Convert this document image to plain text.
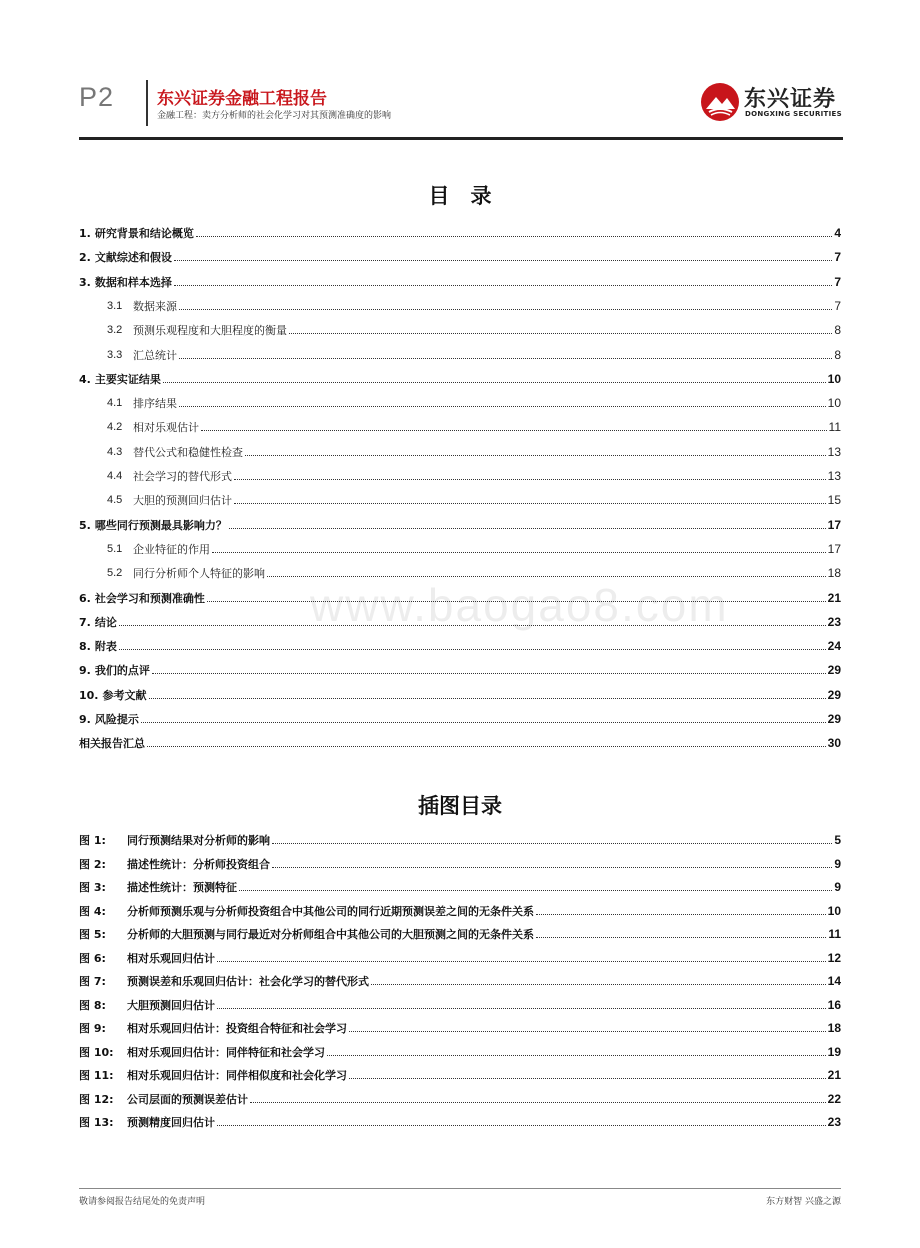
P2	东兴证券金融工程报告
金融工程：卖方分析师的社会化学习对其预测准确度的影响
东兴证券
DONGXING SECURITIES
www.baogao8.com
目　录
1. 研究背景和结论概览	4
2. 文献综述和假设	7
3. 数据和样本选择	7
3.1 数据来源	7
3.2 预测乐观程度和大胆程度的衡量	8
3.3 汇总统计	8
4. 主要实证结果	10
4.1 排序结果	10
4.2 相对乐观估计	11
4.3 替代公式和稳健性检查	13
4.4 社会学习的替代形式	13
4.5 大胆的预测回归估计	15
5. 哪些同行预测最具影响力？	17
5.1 企业特征的作用	17
5.2 同行分析师个人特征的影响	18
6. 社会学习和预测准确性	21
7. 结论	23
8. 附表	24
9. 我们的点评	29
10. 参考文献	29
9. 风险提示	29
相关报告汇总	30
插图目录
图 1:	同行预测结果对分析师的影响	5
图 2:	描述性统计：分析师投资组合	9
图 3:	描述性统计：预测特征	9
图 4:	分析师预测乐观与分析师投资组合中其他公司的同行近期预测误差之间的无条件关系	10
图 5:	分析师的大胆预测与同行最近对分析师组合中其他公司的大胆预测之间的无条件关系	11
图 6:	相对乐观回归估计	12
图 7:	预测误差和乐观回归估计：社会化学习的替代形式	14
图 8:	大胆预测回归估计	16
图 9:	相对乐观回归估计：投资组合特征和社会学习	18
图 10:	相对乐观回归估计：同伴特征和社会学习	19
图 11:	相对乐观回归估计：同伴相似度和社会化学习	21
图 12:	公司层面的预测误差估计	22
图 13:	预测精度回归估计	23
敬请参阅报告结尾处的免责声明	东方财智 兴盛之源
